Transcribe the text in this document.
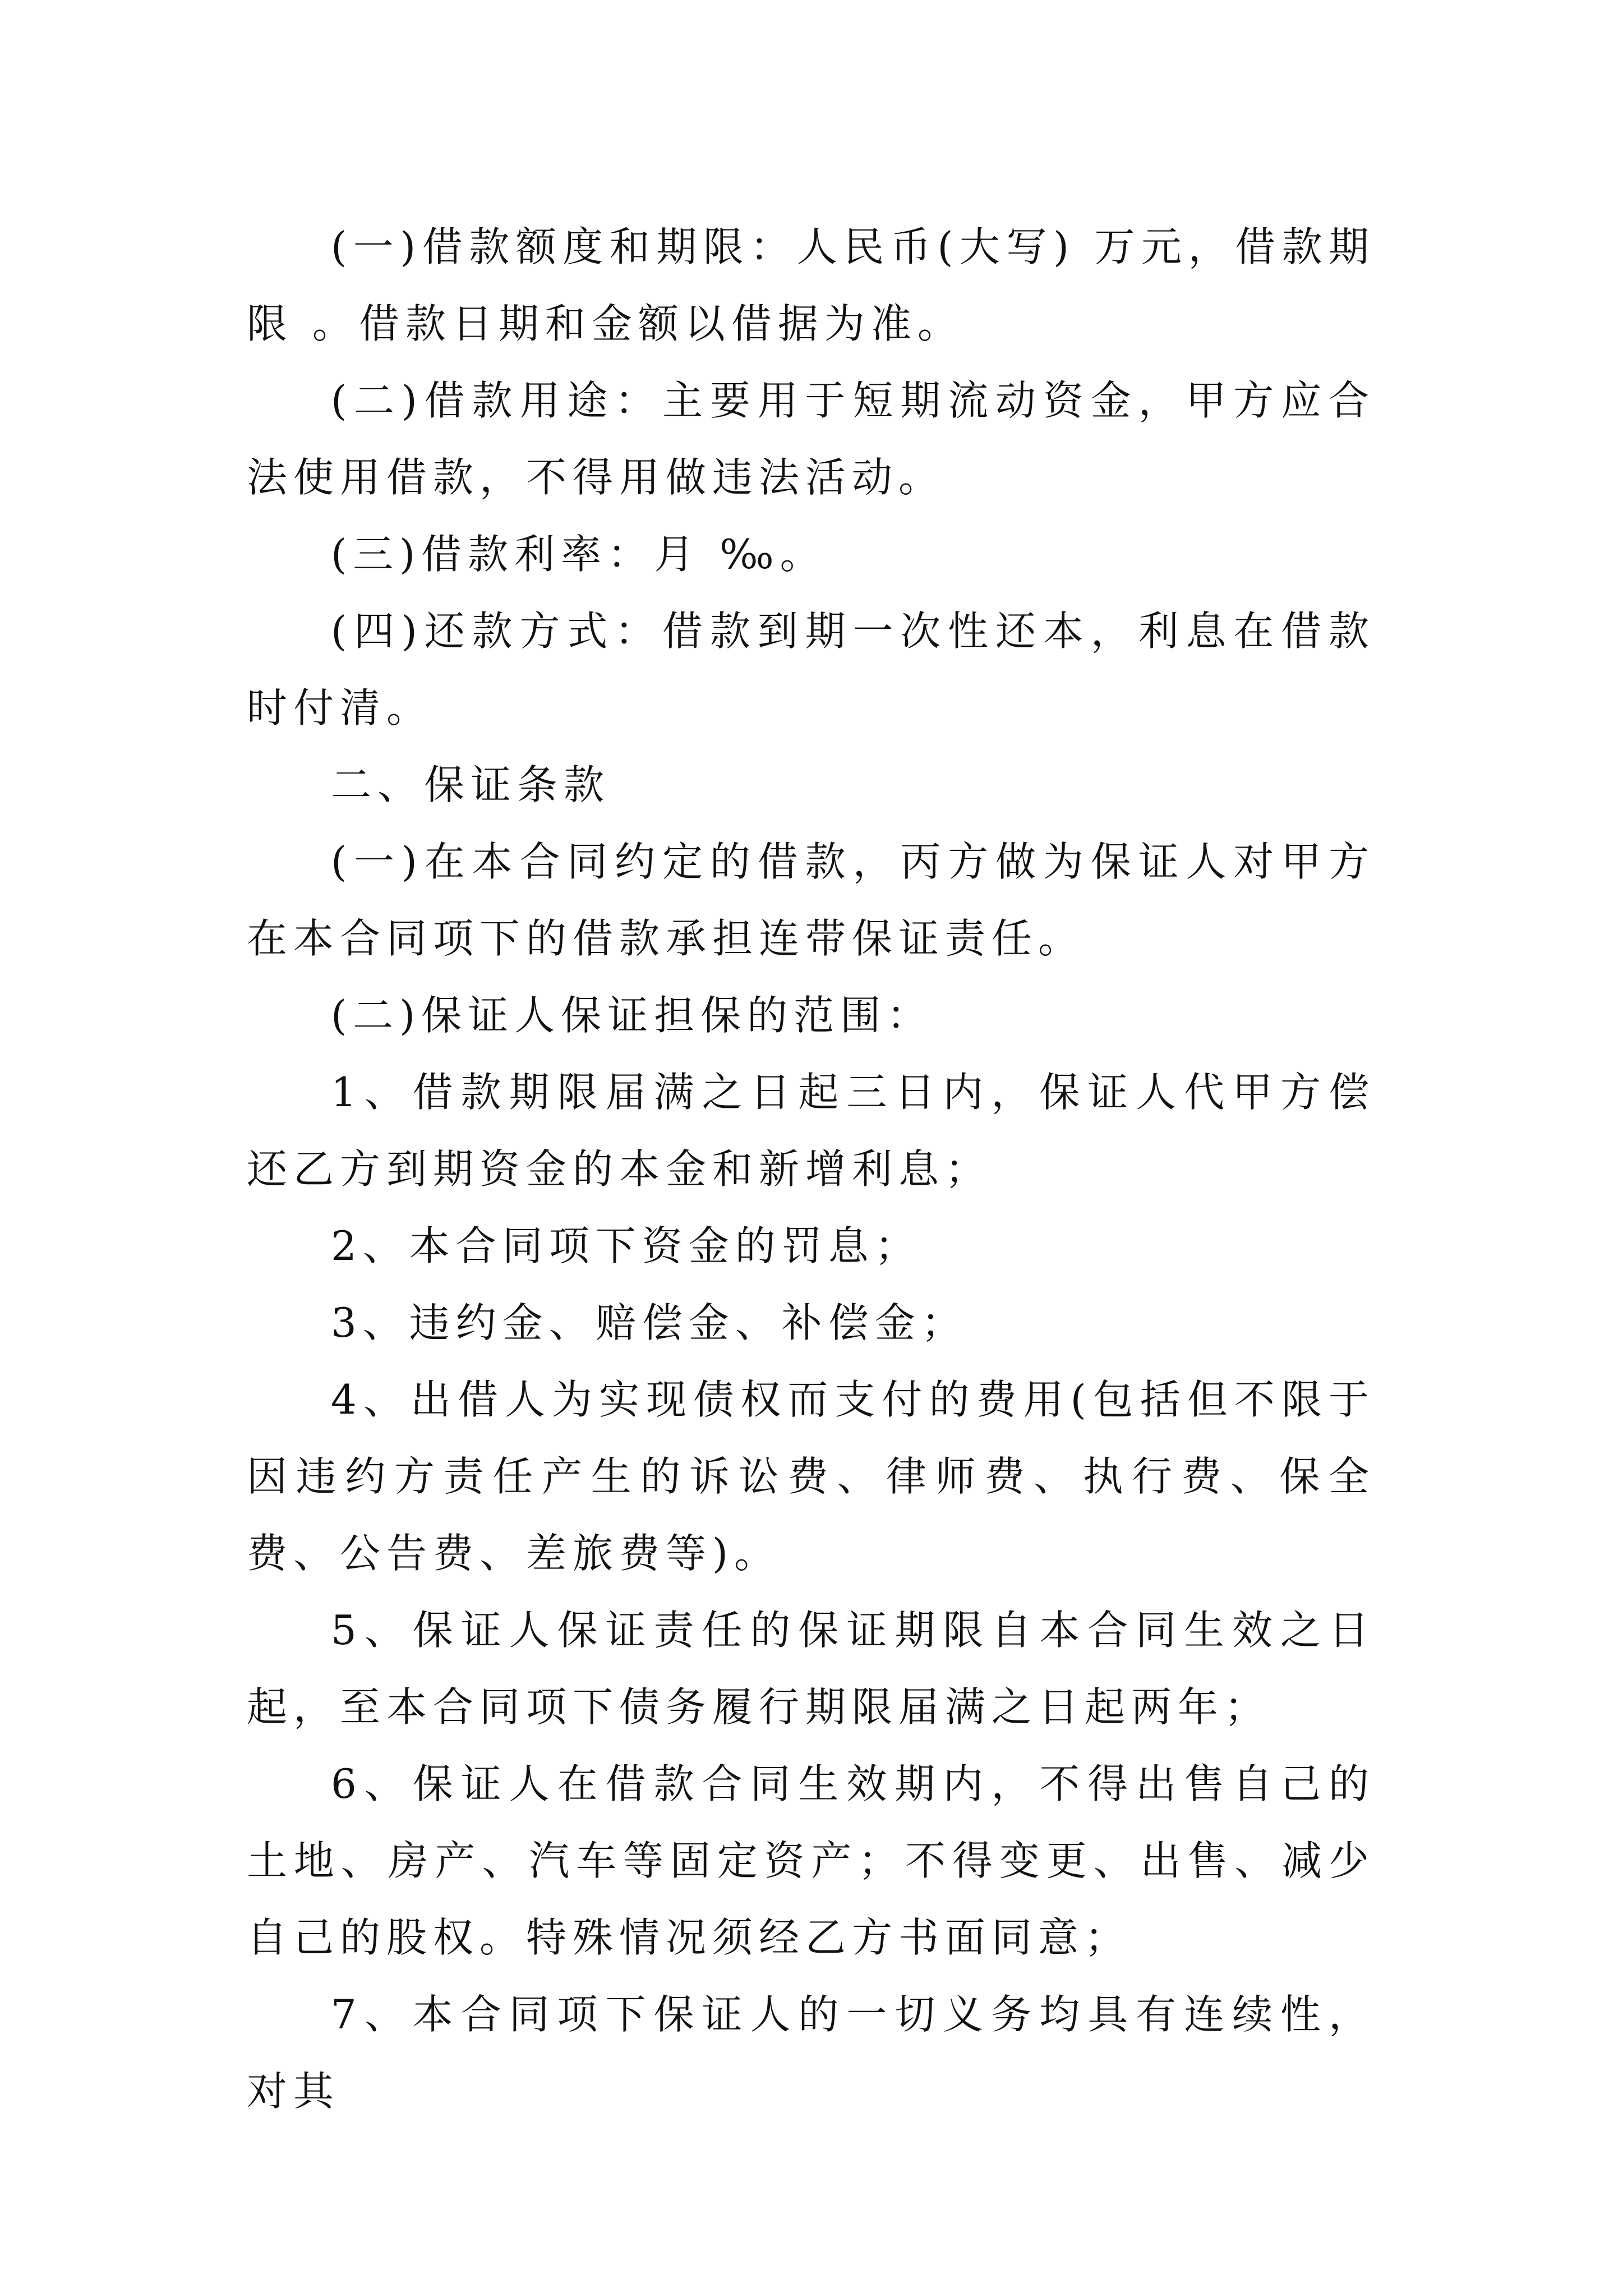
(一)借款额度和期限：人民币(大写) 万元，借款期限 。借款日期和金额以借据为准。

(二)借款用途：主要用于短期流动资金，甲方应合法使用借款，不得用做违法活动。

(三)借款利率：月 ‰。

(四)还款方式：借款到期一次性还本，利息在借款时付清。

二、保证条款

(一)在本合同约定的借款，丙方做为保证人对甲方在本合同项下的借款承担连带保证责任。

(二)保证人保证担保的范围：

1、借款期限届满之日起三日内，保证人代甲方偿还乙方到期资金的本金和新增利息；

2、本合同项下资金的罚息；

3、违约金、赔偿金、补偿金；

4、出借人为实现债权而支付的费用(包括但不限于因违约方责任产生的诉讼费、律师费、执行费、保全费、公告费、差旅费等)。

5、保证人保证责任的保证期限自本合同生效之日起，至本合同项下债务履行期限届满之日起两年；

6、保证人在借款合同生效期内，不得出售自己的土地、房产、汽车等固定资产；不得变更、出售、减少自己的股权。特殊情况须经乙方书面同意；

7、本合同项下保证人的一切义务均具有连续性，对其
